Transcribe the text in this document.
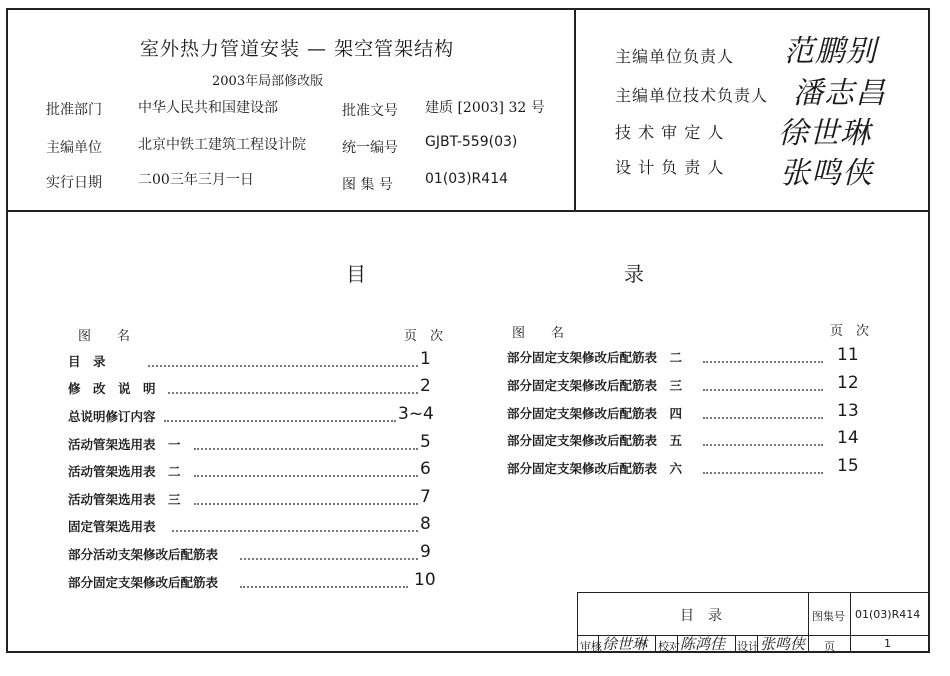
室外热力管道安装 — 架空管架结构
2003年局部修改版
批准部门	中华人民共和国建设部
主编单位	北京中铁工建筑工程设计院
实行日期	二00三年三月一日
批准文号 建质 [2003] 32 号
统一编号 GJBT-559(03)
图 集 号 01(03)R414
主编单位负责人 范鹏别
主编单位技术负责人 潘志昌
技 术 审 定 人 徐世琳
设 计 负 责 人 张鸣侠
目	录
图　　名	页　次	图　　名	页　次
目　录	1
修　改　说　明	2
总说明修订内容	3~4
活动管架选用表　一	5
活动管架选用表　二	6
活动管架选用表　三	7
固定管架选用表	8
部分活动支架修改后配筋表	9
部分固定支架修改后配筋表	10
部分固定支架修改后配筋表　二	11
部分固定支架修改后配筋表　三	12
部分固定支架修改后配筋表　四	13
部分固定支架修改后配筋表　五	14
部分固定支架修改后配筋表　六	15
目　录	图集号 01(03)R414
审核 徐世琳 校对 陈鸿佳 设计 张鸣侠 页	1
